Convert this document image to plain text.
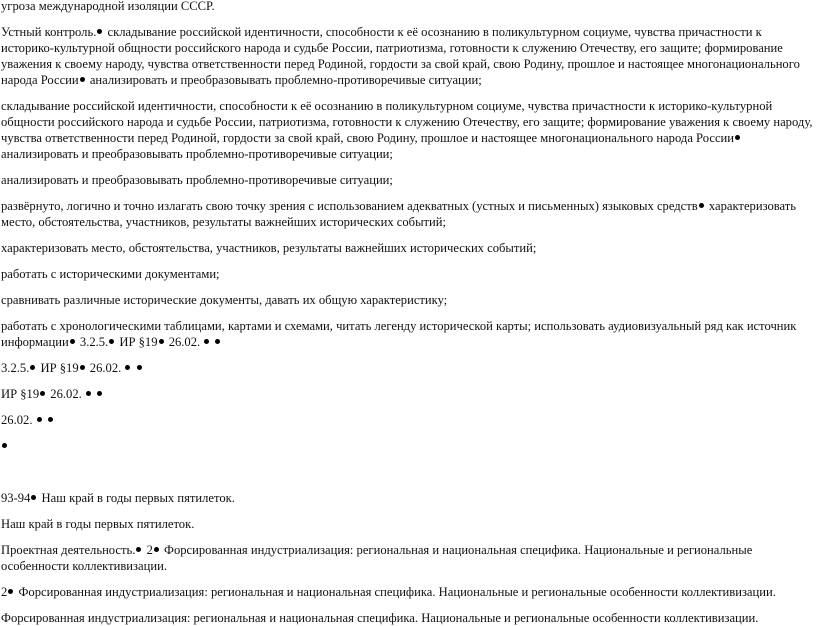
угроза международной изоляции СССР.

Устный контроль. складывание российской идентичности, способности к её осознанию в поликультурном социуме, чувства причастности к историко-культурной общности российского народа и судьбе России, патриотизма, готовности к служению Отечеству, его защите; формирование уважения к своему народу, чувства ответственности перед Родиной, гордости за свой край, свою Родину, прошлое и настоящее многонационального народа России анализировать и преобразовывать проблемно-противоречивые ситуации;

складывание российской идентичности, способности к её осознанию в поликультурном социуме, чувства причастности к историко-культурной общности российского народа и судьбе России, патриотизма, готовности к служению Отечеству, его защите; формирование уважения к своему народу, чувства ответственности перед Родиной, гордости за свой край, свою Родину, прошлое и настоящее многонационального народа России анализировать и преобразовывать проблемно-противоречивые ситуации;

анализировать и преобразовывать проблемно-противоречивые ситуации;

развёрнуто, логично и точно излагать свою точку зрения с использованием адекватных (устных и письменных) языковых средств характеризовать место, обстоятельства, участников, результаты важнейших исторических событий;

характеризовать место, обстоятельства, участников, результаты важнейших исторических событий;

работать с историческими документами;

сравнивать различные исторические документы, давать их общую характеристику;

работать с хронологическими таблицами, картами и схемами, читать легенду исторической карты; использовать аудиовизуальный ряд как источник информации 3.2.5. ИР §19 26.02.

3.2.5. ИР §19 26.02.

ИР §19 26.02.

26.02.

93-94 Наш край в годы первых пятилеток.

Наш край в годы первых пятилеток.

Проектная деятельность. 2 Форсированная индустриализация: региональная и национальная специфика. Национальные и региональные особенности коллективизации.

2 Форсированная индустриализация: региональная и национальная специфика. Национальные и региональные особенности коллективизации.

Форсированная индустриализация: региональная и национальная специфика. Национальные и региональные особенности коллективизации.
